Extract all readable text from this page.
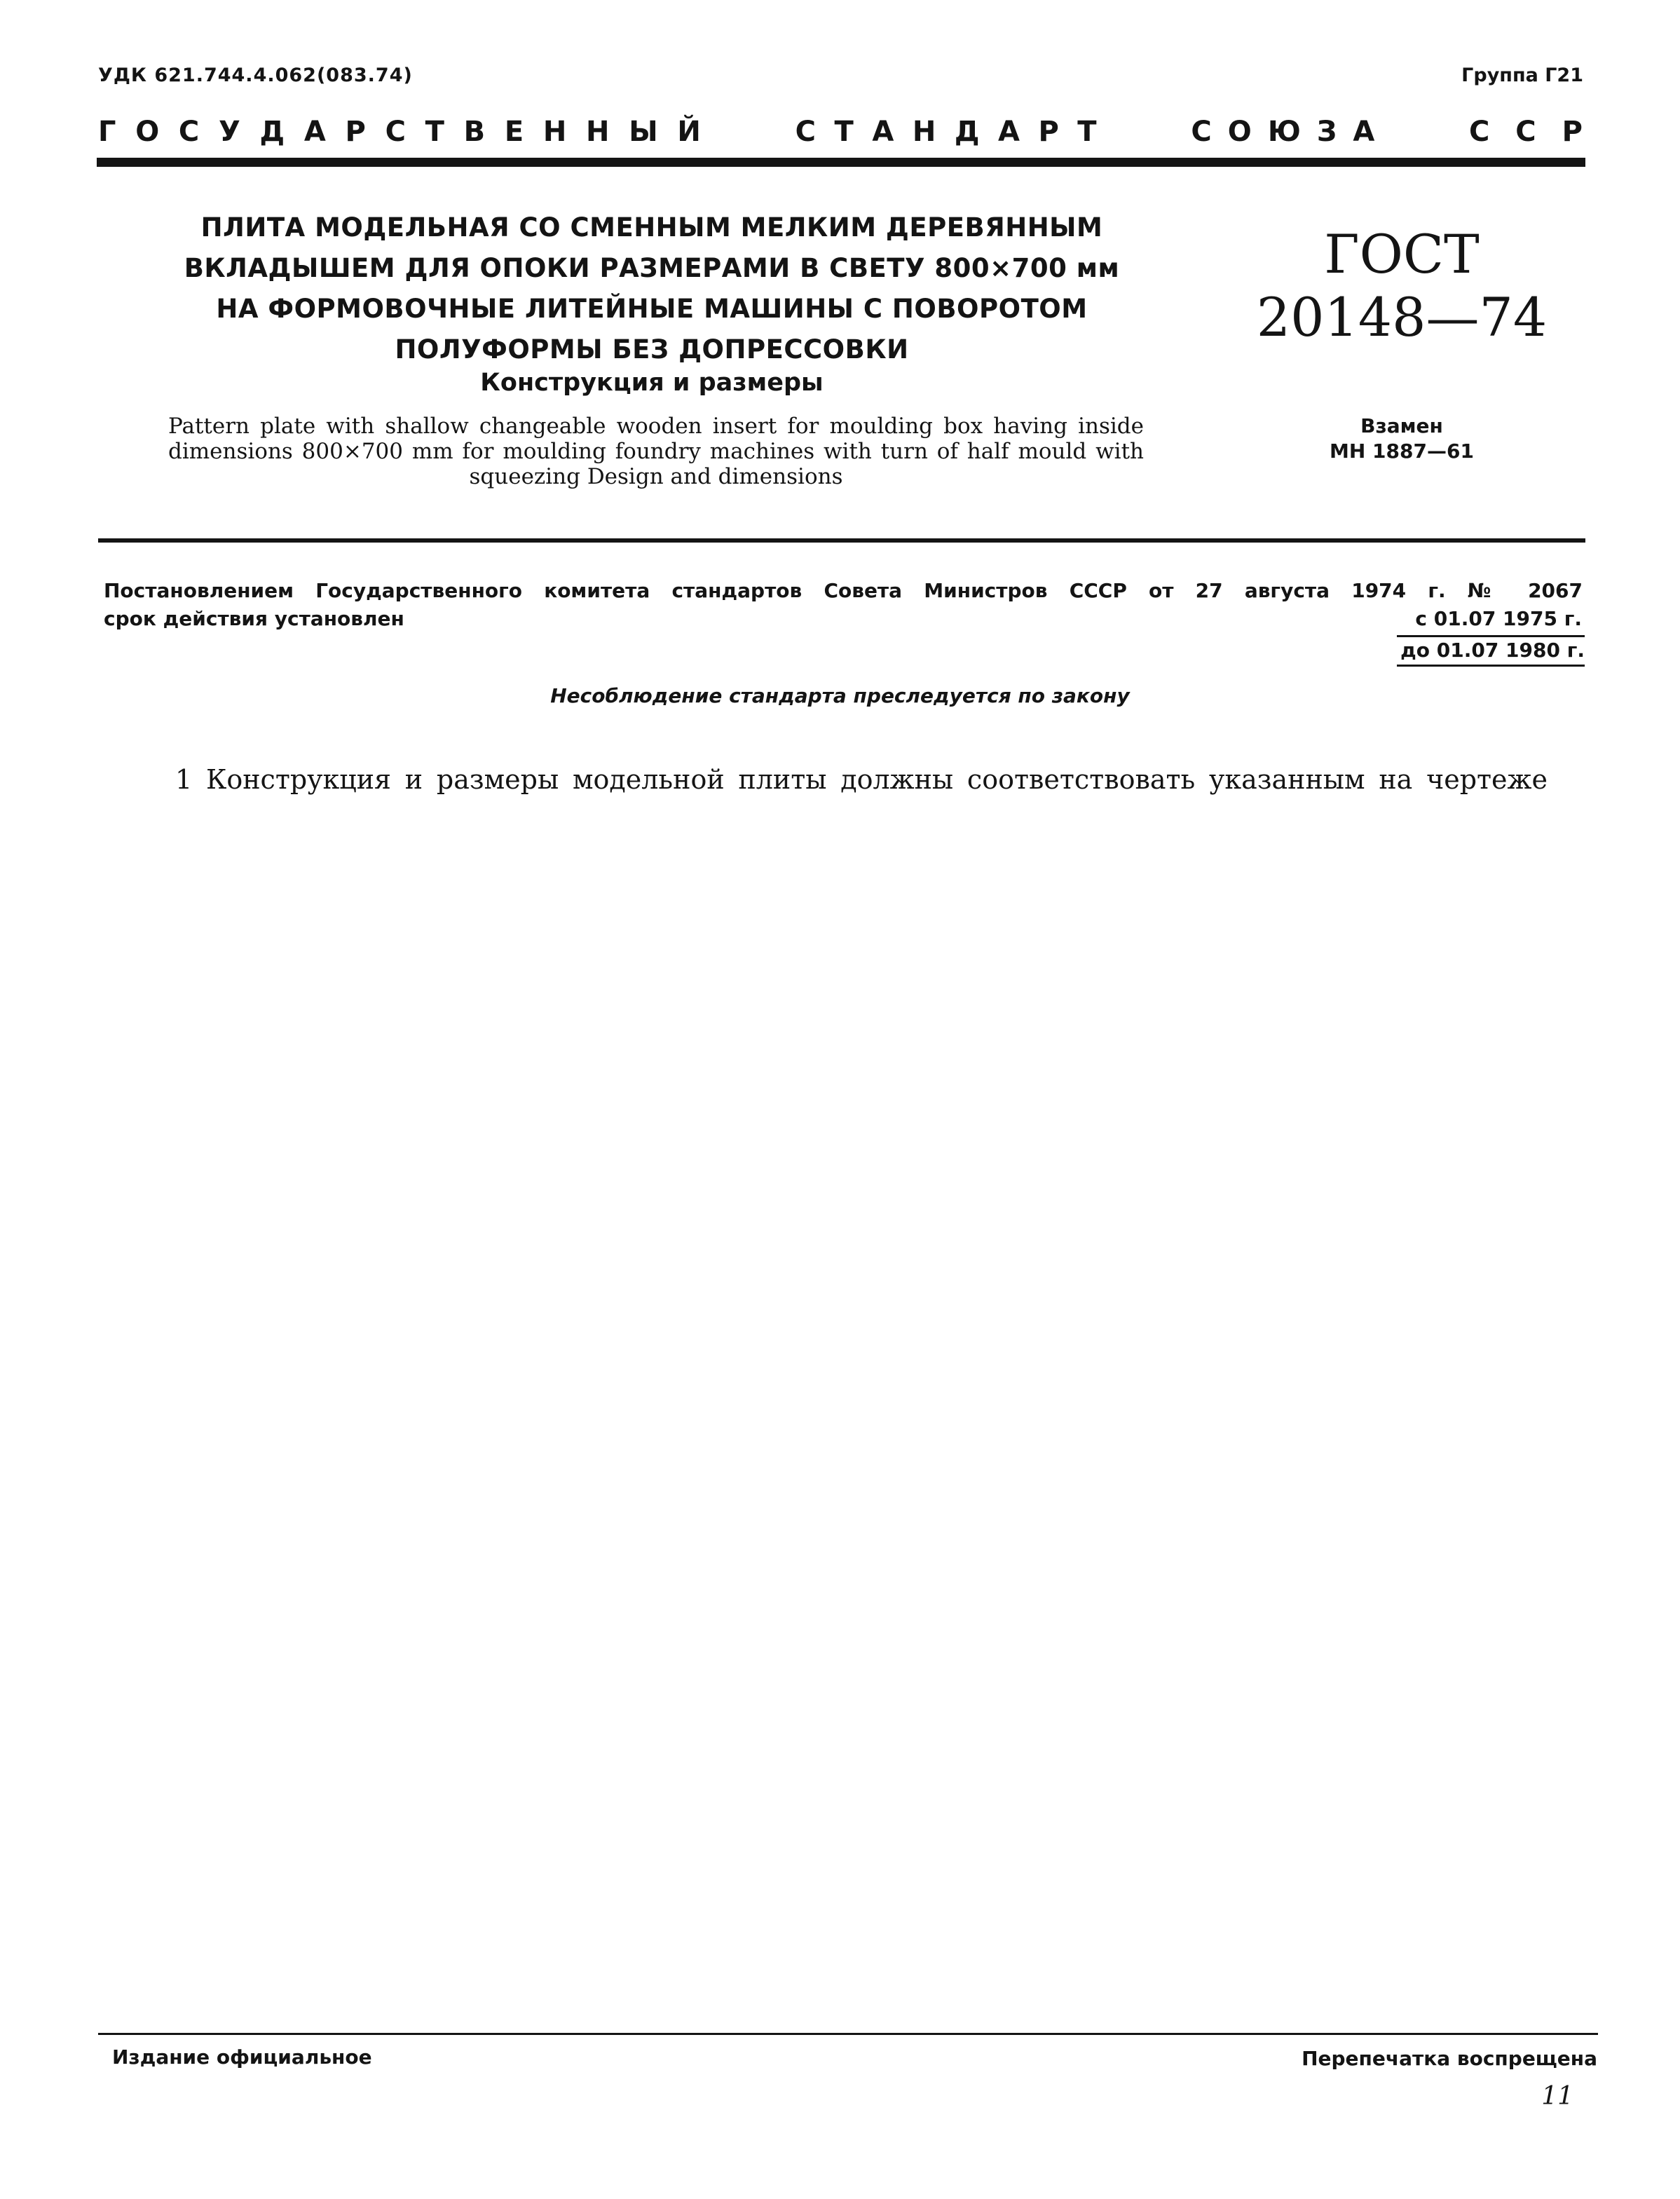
УДК 621.744.4.062(083.74)	Группа Г21
Г О С У Д А Р С Т В Е Н Н Ы Й	С Т А Н Д А Р Т	С О Ю З А	С С Р
ПЛИТА МОДЕЛЬНАЯ СО СМЕННЫМ МЕЛКИМ ДЕРЕВЯННЫМ
ВКЛАДЫШЕМ ДЛЯ ОПОКИ РАЗМЕРАМИ В СВЕТУ 800×700 мм
НА ФОРМОВОЧНЫЕ ЛИТЕЙНЫЕ МАШИНЫ С ПОВОРОТОМ
ПОЛУФОРМЫ БЕЗ ДОПРЕССОВКИ
Конструкция и размеры
Pattern plate with shallow changeable wooden insert for moulding box having inside dimensions 800×700 mm for moulding foundry machines with turn of half mould with squeezing Design and dimensions
ГОСТ
20148—74
Взамен
МН 1887—61
Постановлением Государственного комитета стандартов Совета Министров СССР от 27 августа 1974 г. № 2067
срок действия установлен	с 01.07 1975 г.
до 01.07 1980 г.
Несоблюдение стандарта преследуется по закону
1 Конструкция и размеры модельной плиты должны соответствовать указанным на чертеже
Издание официальное	Перепечатка воспрещена
11
